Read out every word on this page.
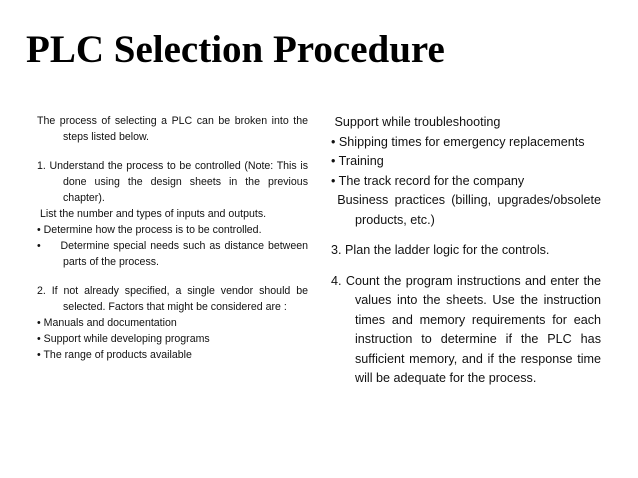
PLC Selection Procedure

The process of selecting a PLC can be broken into the steps listed below.

1. Understand the process to be controlled (Note: This is done using the design sheets in the previous chapter).

List the number and types of inputs and outputs.

• Determine how the process is to be controlled.

•     Determine special needs such as distance between parts of the process.

2. If not already specified, a single vendor should be selected. Factors that might be considered are :

• Manuals and documentation

• Support while developing programs

• The range of products available

Support while troubleshooting

• Shipping times for emergency replacements

• Training

• The track record for the company

Business practices (billing, upgrades/obsolete products, etc.)

3. Plan the ladder logic for the controls.

4. Count the program instructions and enter the values into the sheets. Use the instruction times and memory requirements for each instruction to determine if the PLC has sufficient memory, and if the response time will be adequate for the process.
